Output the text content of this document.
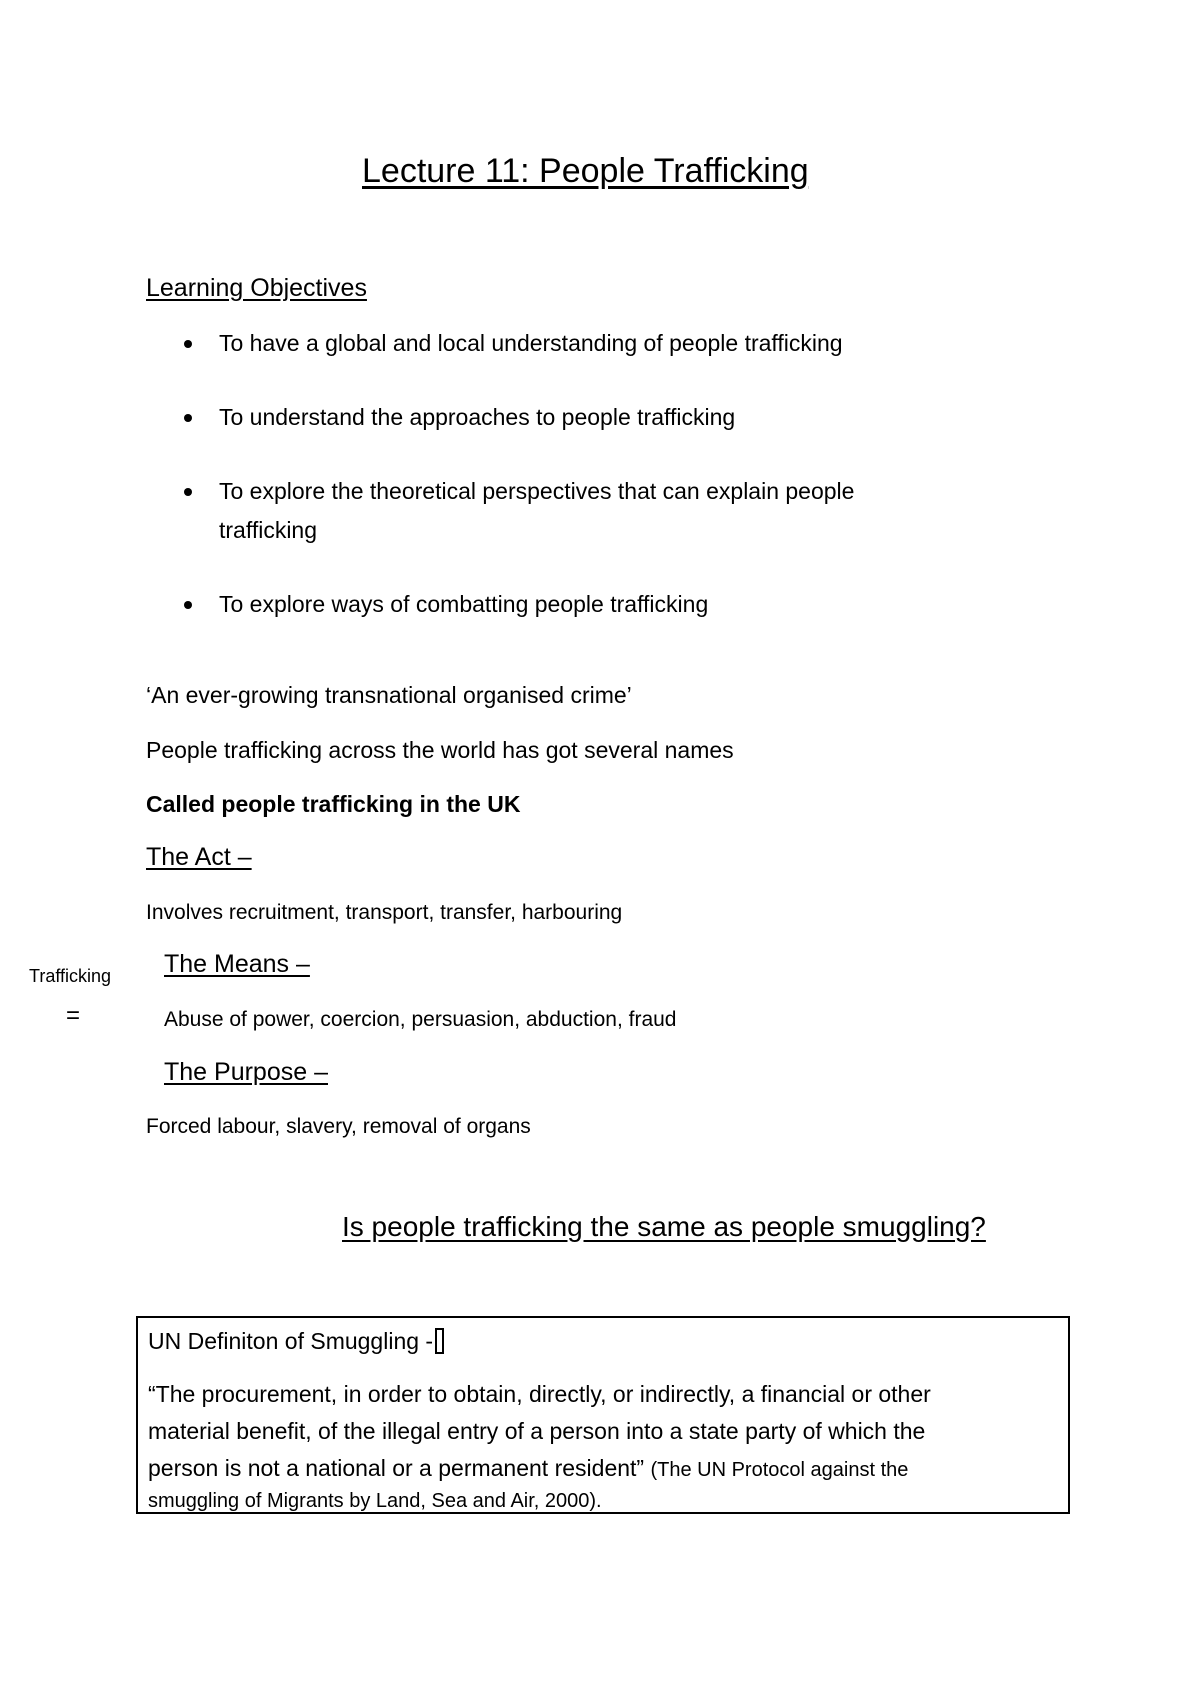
Lecture 11: People Trafficking
Learning Objectives
To have a global and local understanding of people trafficking
To understand the approaches to people trafficking
To explore the theoretical perspectives that can explain people
trafficking
To explore ways of combatting people trafficking
‘An ever-growing transnational organised crime’
People trafficking across the world has got several names
Called people trafficking in the UK
The Act –
Involves recruitment, transport, transfer, harbouring
Trafficking
=
The Means –
Abuse of power, coercion, persuasion, abduction, fraud
The Purpose –
Forced labour, slavery, removal of organs
Is people trafficking the same as people smuggling?
UN Definiton of Smuggling -
“The procurement, in order to obtain, directly, or indirectly, a financial or other
material benefit, of the illegal entry of a person into a state party of which the
person is not a national or a permanent resident” (The UN Protocol against the
smuggling of Migrants by Land, Sea and Air, 2000).
